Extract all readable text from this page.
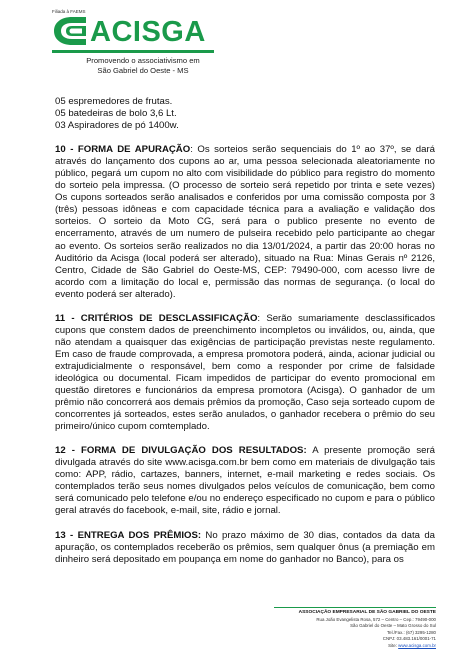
Filiada à FAEMS
ACISGA
Promovendo o associativismo em
São Gabriel do Oeste - MS
05 espremedores de frutas.
05 batedeiras de bolo 3,6 Lt.
03 Aspiradores de pó 1400w.

10 - FORMA DE APURAÇÃO: Os sorteios serão sequenciais do 1º ao 37º, se dará através do lançamento dos cupons ao ar, uma pessoa selecionada aleatoriamente no público, pegará um cupom no alto com visibilidade do público para registro do momento do sorteio pela impressa. (O processo de sorteio será repetido por trinta e sete vezes) Os cupons sorteados serão analisados e conferidos por uma comissão composta por 3 (três) pessoas idôneas e com capacidade técnica para a avaliação e validação dos sorteios. O sorteio da Moto CG, será para o publico presente no evento de encerramento, através de um numero de pulseira recebido pelo participante ao chegar ao evento. Os sorteios serão realizados no dia 13/01/2024, a partir das 20:00 horas no Auditório da Acisga (local poderá ser alterado), situado na Rua: Minas Gerais nº 2126, Centro, Cidade de São Gabriel do Oeste-MS, CEP: 79490-000, com acesso livre de acordo com a limitação do local e, permissão das normas de segurança. (o local do evento poderá ser alterado).

11 - CRITÉRIOS DE DESCLASSIFICAÇÃO: Serão sumariamente desclassificados cupons que constem dados de preenchimento incompletos ou inválidos, ou, ainda, que não atendam a quaisquer das exigências de participação previstas neste regulamento. Em caso de fraude comprovada, a empresa promotora poderá, ainda, acionar judicial ou extrajudicialmente o responsável, bem como a responder por crime de falsidade ideológica ou documental. Ficam impedidos de participar do evento promocional em questão diretores e funcionários da empresa promotora (Acisga). O ganhador de um prêmio não concorrerá aos demais prêmios da promoção, Caso seja sorteado cupom de concorrentes já sorteados, estes serão anulados, o ganhador recebera o prêmio do seu primeiro/único cupom comtemplado.

12 - FORMA DE DIVULGAÇÃO DOS RESULTADOS: A presente promoção será divulgada através do site www.acisga.com.br bem como em materiais de divulgação tais como: APP, rádio, cartazes, banners, internet, e-mail marketing e redes sociais. Os contemplados terão seus nomes divulgados pelos veículos de comunicação, bem como será comunicado pelo telefone e/ou no endereço especificado no cupom e para o público geral através do facebook, e-mail, site, rádio e jornal.

13 - ENTREGA DOS PRÊMIOS: No prazo máximo de 30 dias, contados da data da apuração, os contemplados receberão os prêmios, sem qualquer ônus (a premiação em dinheiro será depositado em poupança em nome do ganhador no Banco), para os

ASSOCIAÇÃO EMPRESARIAL DE SÃO GABRIEL DO OESTE
Rua João Evangelista Rosa, 572 – Centro – Cep.: 79490-000
São Gabriel do Oeste – Mato Grosso do Sul
Tel./Fax.: (67) 3295-1280
CNPJ: 03.483.161/0001-71
Site: www.acisga.com.br
